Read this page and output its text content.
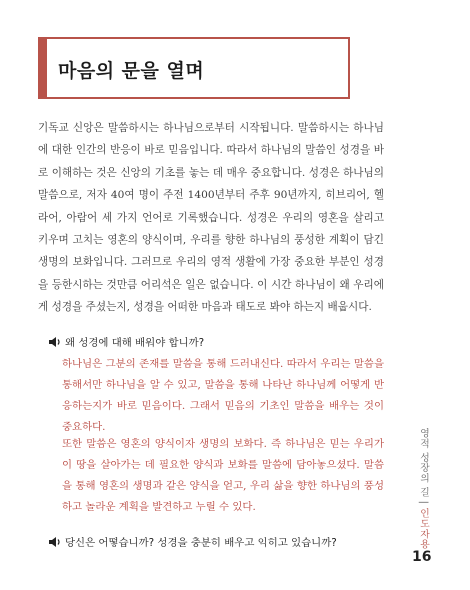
마음의 문을 열며

기독교 신앙은 말씀하시는 하나님으로부터 시작됩니다. 말씀하시는 하나님에 대한 인간의 반응이 바로 믿음입니다. 따라서 하나님의 말씀인 성경을 바로 이해하는 것은 신앙의 기초를 놓는 데 매우 중요합니다. 성경은 하나님의 말씀으로, 저자 40여 명이 주전 1400년부터 주후 90년까지, 히브리어, 헬라어, 아람어 세 가지 언어로 기록했습니다. 성경은 우리의 영혼을 살리고 키우며 고치는 영혼의 양식이며, 우리를 향한 하나님의 풍성한 계획이 담긴 생명의 보화입니다. 그러므로 우리의 영적 생활에 가장 중요한 부분인 성경을 등한시하는 것만큼 어리석은 일은 없습니다. 이 시간 하나님이 왜 우리에게 성경을 주셨는지, 성경을 어떠한 마음과 태도로 봐야 하는지 배웁시다.

왜 성경에 대해 배워야 합니까?

하나님은 그분의 존재를 말씀을 통해 드러내신다. 따라서 우리는 말씀을 통해서만 하나님을 알 수 있고, 말씀을 통해 나타난 하나님께 어떻게 반응하는지가 바로 믿음이다. 그래서 믿음의 기초인 말씀을 배우는 것이 중요하다.

또한 말씀은 영혼의 양식이자 생명의 보화다. 즉 하나님은 믿는 우리가 이 땅을 살아가는 데 필요한 양식과 보화를 말씀에 담아놓으셨다. 말씀을 통해 영혼의 생명과 같은 양식을 얻고, 우리 삶을 향한 하나님의 풍성하고 놀라운 계획을 발견하고 누릴 수 있다.

당신은 어떻습니까? 성경을 충분히 배우고 익히고 있습니까?
영적 성장의 길 | 인도자용
16
